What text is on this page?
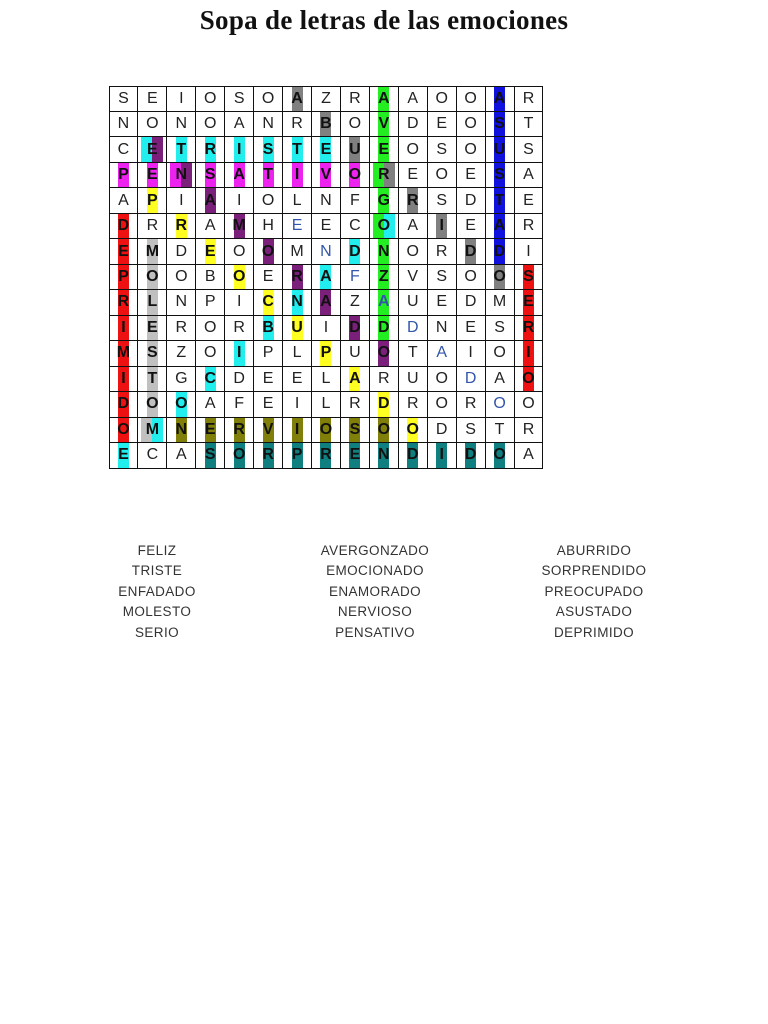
Sopa de letras de las emociones
S	E	I	O	S	O	A	Z	R	A	A	O	O	A	R
N	O	N	O	A	N	R	B	O	V	D	E	O	S	T
C	E	T	R	I	S	T	E	U	E	O	S	O	U	S
P	E	N	S	A	T	I	V	O	R	E	O	E	S	A
A	P	I	A	I	O	L	N	F	G	R	S	D	T	E
D	R	R	A	M	H	E	E	C	O	A	I	E	A	R
E	M	D	E	O	O	M	N	D	N	O	R	D	D	I
P	O	O	B	O	E	R	A	F	Z	V	S	O	O	S
R	L	N	P	I	C	N	A	Z	A	U	E	D	M	E
I	E	R	O	R	B	U	I	D	D	D	N	E	S	R
M	S	Z	O	I	P	L	P	U	O	T	A	I	O	I
I	T	G	C	D	E	E	L	A	R	U	O	D	A	O
D	O	O	A	F	E	I	L	R	D	R	O	R	O	O
O	M	N	E	R	V	I	O	S	O	O	D	S	T	R
E	C	A	S	O	R	P	R	E	N	D	I	D	O	A
FELIZ
TRISTE
ENFADADO
MOLESTO
SERIO
AVERGONZADO
EMOCIONADO
ENAMORADO
NERVIOSO
PENSATIVO
ABURRIDO
SORPRENDIDO
PREOCUPADO
ASUSTADO
DEPRIMIDO
